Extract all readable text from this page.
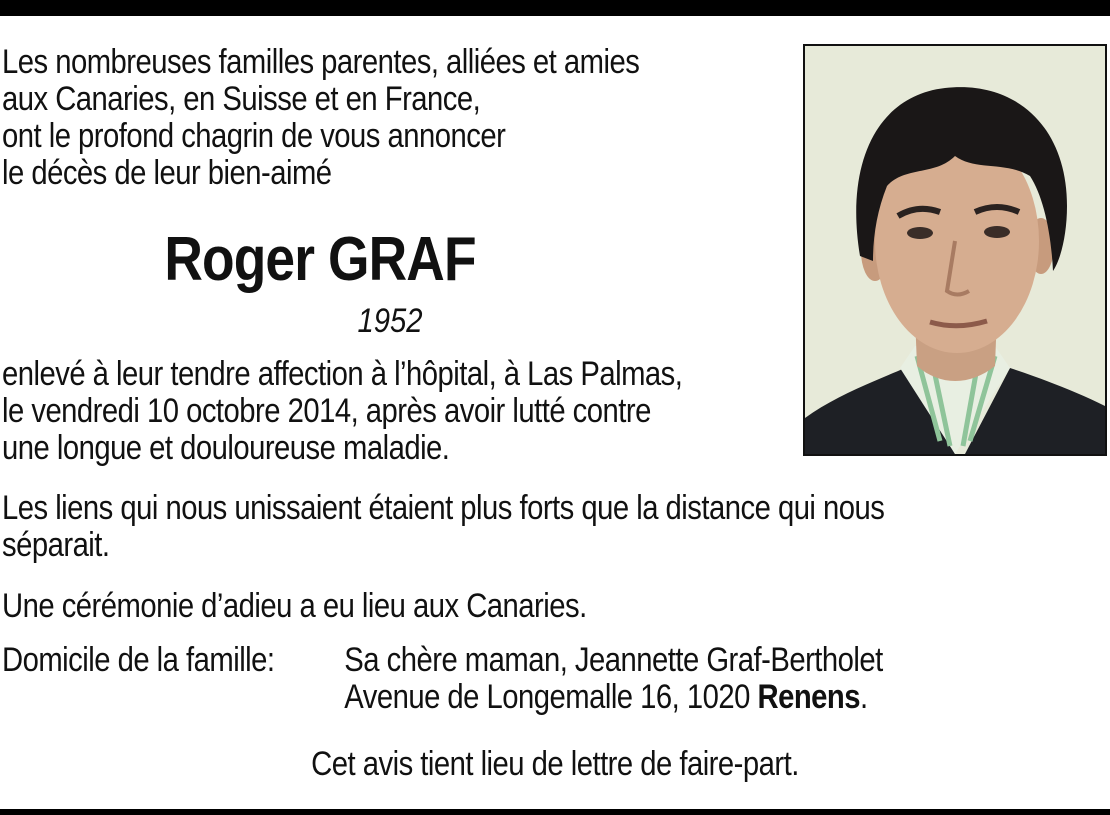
Les nombreuses familles parentes, alliées et amies
aux Canaries, en Suisse et en France,
ont le profond chagrin de vous annoncer
le décès de leur bien-aimé
Roger GRAF
1952
enlevé à leur tendre affection à l’hôpital, à Las Palmas,
le vendredi 10 octobre 2014, après avoir lutté contre
une longue et douloureuse maladie.
Les liens qui nous unissaient étaient plus forts que la distance qui nous
séparait.
Une cérémonie d’adieu a eu lieu aux Canaries.
Domicile de la famille:	Sa chère maman, Jeannette Graf-Bertholet
Avenue de Longemalle 16, 1020 Renens.
Cet avis tient lieu de lettre de faire-part.
